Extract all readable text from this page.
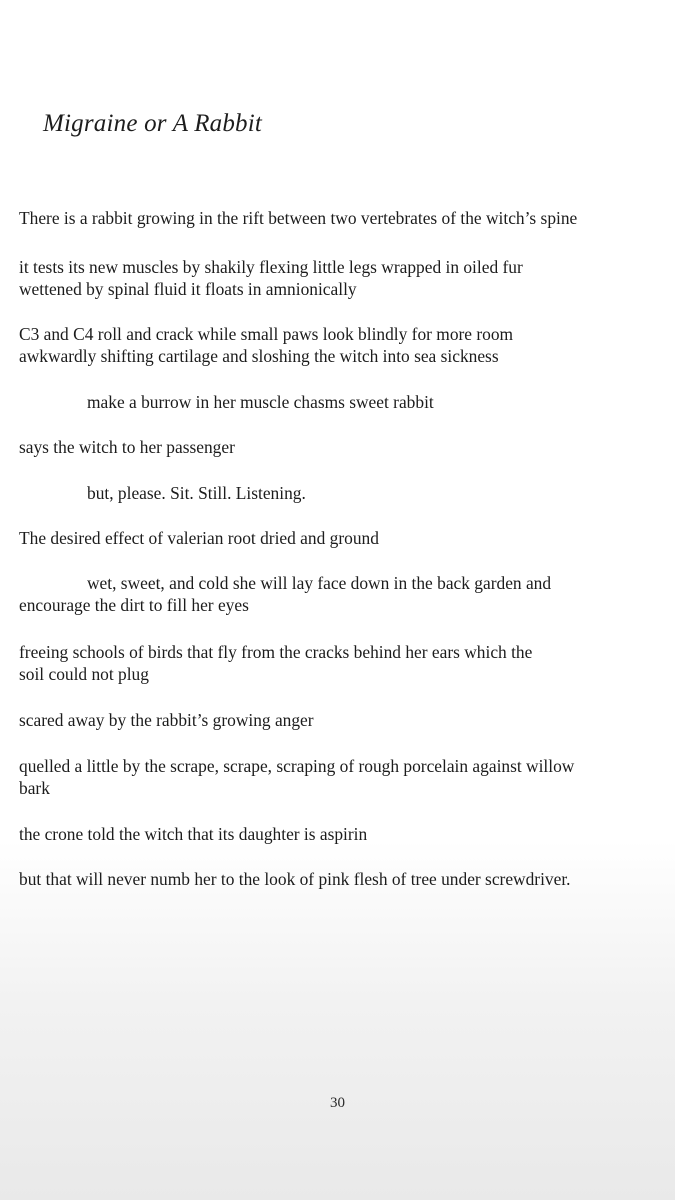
Migraine or A Rabbit
There is a rabbit growing in the rift between two vertebrates of the witch’s spine
it tests its new muscles by shakily flexing little legs wrapped in oiled fur
wettened by spinal fluid it floats in amnionically
C3 and C4 roll and crack while small paws look blindly for more room
awkwardly shifting cartilage and sloshing the witch into sea sickness
make a burrow in her muscle chasms sweet rabbit
says the witch to her passenger
but, please. Sit. Still. Listening.
The desired effect of valerian root dried and ground
wet, sweet, and cold she will lay face down in the back garden and
encourage the dirt to fill her eyes
freeing schools of birds that fly from the cracks behind her ears which the
soil could not plug
scared away by the rabbit’s growing anger
quelled a little by the scrape, scrape, scraping of rough porcelain against willow
bark
the crone told the witch that its daughter is aspirin
but that will never numb her to the look of pink flesh of tree under screwdriver.
30
